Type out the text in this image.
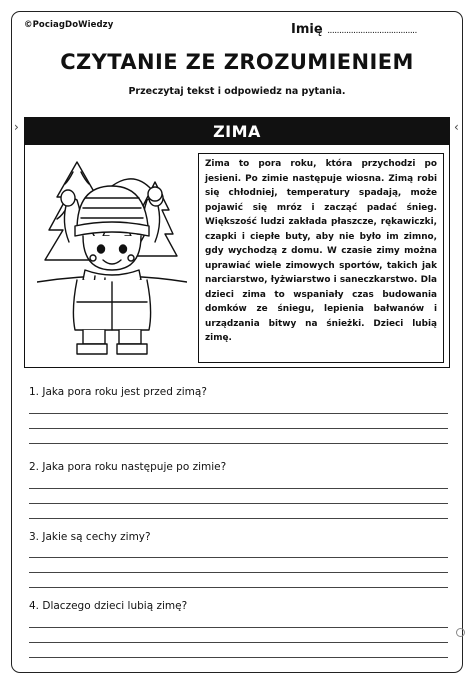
©PociagDoWiedzy	Imię ......................................
CZYTANIE ZE ZROZUMIENIEM
Przeczytaj tekst i odpowiedz na pytania.
›	‹
ZIMA
Zima to pora roku, która przychodzi po jesieni. Po zimie następuje wiosna. Zimą robi się chłodniej, temperatury spadają, może pojawić się mróz i zacząć padać śnieg. Większość ludzi zakłada płaszcze, rękawiczki, czapki i ciepłe buty, aby nie było im zimno, gdy wychodzą z domu. W czasie zimy można uprawiać wiele zimowych sportów, takich jak narciarstwo, łyżwiarstwo i saneczkarstwo. Dla dzieci zima to wspaniały czas budowania domków ze śniegu, lepienia bałwanów i urządzania bitwy na śnieżki. Dzieci lubią zimę.
1. Jaka pora roku jest przed zimą?
2. Jaka pora roku następuje po zimie?
3. Jakie są cechy zimy?
4. Dlaczego dzieci lubią zimę?
